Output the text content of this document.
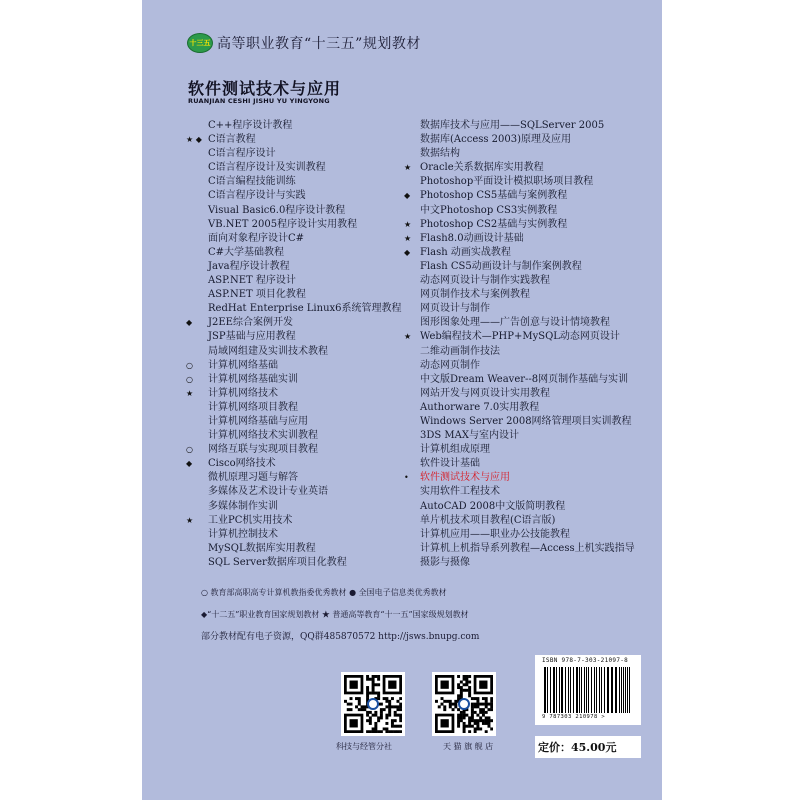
十三五 高等职业教育“十三五”规划教材
软件测试技术与应用
RUANJIAN CESHI JISHU YU YINGYONG
C++程序设计教程
★ ◆ C语言教程
C语言程序设计
C语言程序设计及实训教程
C语言编程技能训练
C语言程序设计与实践
Visual Basic6.0程序设计教程
VB.NET 2005程序设计实用教程
面向对象程序设计C#
C#大学基础教程
Java程序设计教程
ASP.NET 程序设计
ASP.NET 项目化教程
RedHat Enterprise Linux6系统管理教程
◆	J2EE综合案例开发
JSP基础与应用教程
局域网组建及实训技术教程
○	计算机网络基础
○	计算机网络基础实训
★	计算机网络技术
计算机网络项目教程
计算机网络基础与应用
计算机网络技术实训教程
○	网络互联与实现项目教程
◆	Cisco网络技术
微机原理习题与解答
多媒体及艺术设计专业英语
多媒体制作实训
★	工业PC机实用技术
计算机控制技术
MySQL数据库实用教程
SQL Server数据库项目化教程
数据库技术与应用——SQLServer 2005
数据库(Access 2003)原理及应用
数据结构
★ Oracle关系数据库实用教程
Photoshop平面设计模拟职场项目教程
◆ Photoshop CS5基础与案例教程
中文Photoshop CS3实例教程
★ Photoshop CS2基础与实例教程
★ Flash8.0动画设计基础
◆ Flash 动画实战教程
Flash CS5动画设计与制作案例教程
动态网页设计与制作实践教程
网页制作技术与案例教程
网页设计与制作
图形图象处理——广告创意与设计情境教程
★ Web编程技术—PHP+MySQL动态网页设计
二维动画制作技法
动态网页制作
中文版Dream Weaver--8网页制作基础与实训
网站开发与网页设计实用教程
Authorware 7.0实用教程
Windows Server 2008网络管理项目实训教程
3DS MAX与室内设计
计算机组成原理
软件设计基础
•	软件测试技术与应用
实用软件工程技术
AutoCAD 2008中文版简明教程
单片机技术项目教程(C语言版)
计算机应用——职业办公技能教程
计算机上机指导系列教程—Access上机实践指导
摄影与摄像
○ 教育部高职高专计算机教指委优秀教材 ● 全国电子信息类优秀教材
◆“十二五”职业教育国家规划教材 ★ 普通高等教育“十一五”国家级规划教材
部分教材配有电子资源，QQ群485870572 http://jsws.bnupg.com
科技与经管分社	天 猫 旗 舰 店
ISBN 978-7-303-21097-8
9 787303 210978 >
定价：45.00元
